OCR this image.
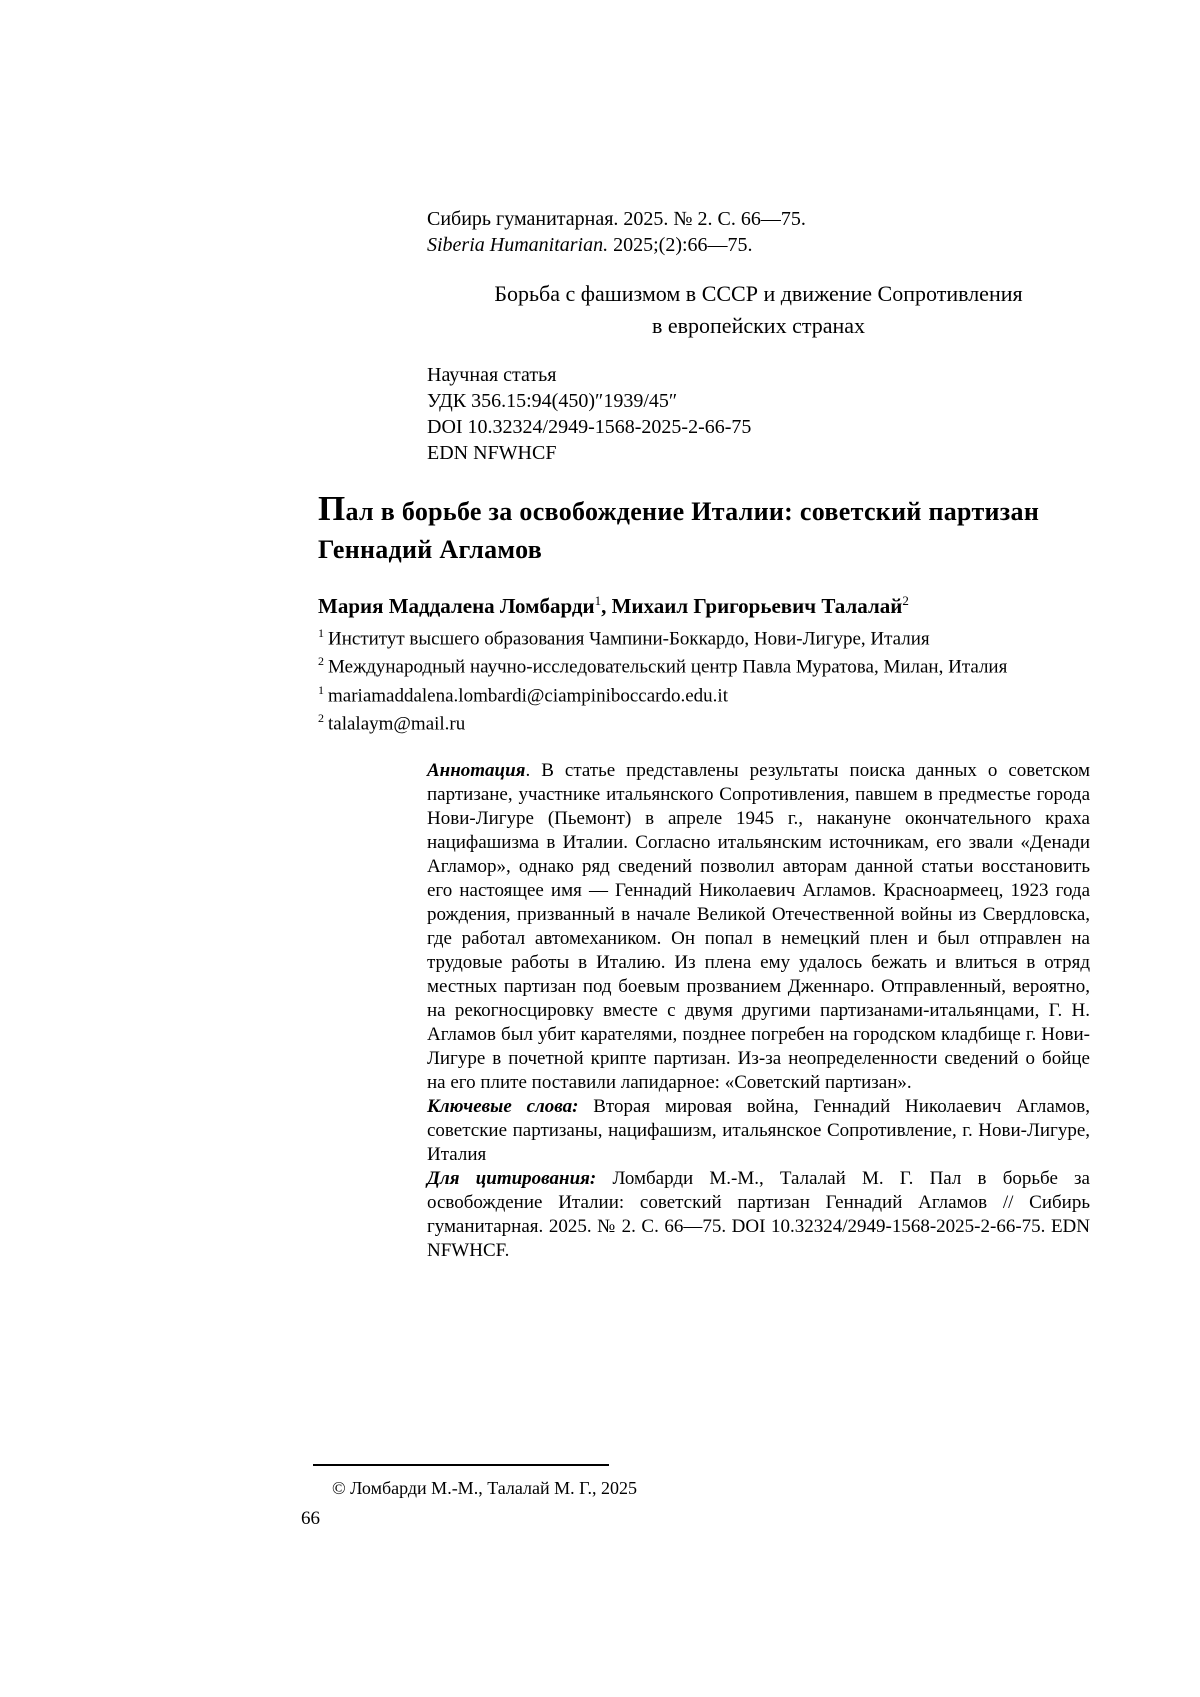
Сибирь гуманитарная. 2025. № 2. С. 66—75.
Siberia Humanitarian. 2025;(2):66—75.
Борьба с фашизмом в СССР и движение Сопротивления
в европейских странах
Научная статья
УДК 356.15:94(450)″1939/45″
DOI 10.32324/2949-1568-2025-2-66-75
EDN NFWHCF
Пал в борьбе за освобождение Италии: советский партизан Геннадий Агламов
Мария Маддалена Ломбарди$^1$, Михаил Григорьевич Талалай$^2$
$^1$ Институт высшего образования Чампини-Боккардо, Нови-Лигуре, Италия
$^2$ Международный научно-исследовательский центр Павла Муратова, Милан, Италия
$^1$ mariamaddalena.lombardi@ciampiniboccardo.edu.it
$^2$ talalaym@mail.ru

Аннотация. В статье представлены результаты поиска данных о советском партизане, участнике итальянского Сопротивления, павшем в предместье города Нови-Лигуре (Пьемонт) в апреле 1945 г., накануне окончательного краха нацифашизма в Италии. Согласно итальянским источникам, его звали «Денади Агламор», однако ряд сведений позволил авторам данной статьи восстановить его настоящее имя — Геннадий Николаевич Агламов. Красноармеец, 1923 года рождения, призванный в начале Великой Отечественной войны из Свердловска, где работал автомехаником. Он попал в немецкий плен и был отправлен на трудовые работы в Италию. Из плена ему удалось бежать и влиться в отряд местных партизан под боевым прозванием Дженнаро. Отправленный, вероятно, на рекогносцировку вместе с двумя другими партизанами-итальянцами, Г. Н. Агламов был убит карателями, позднее погребен на городском кладбище г. Нови-Лигуре в почетной крипте партизан. Из-за неопределенности сведений о бойце на его плите поставили лапидарное: «Советский партизан».

Ключевые слова: Вторая мировая война, Геннадий Николаевич Агламов, советские партизаны, нацифашизм, итальянское Сопротивление, г. Нови-Лигуре, Италия

Для цитирования: Ломбарди М.-М., Талалай М. Г. Пал в борьбе за освобождение Италии: советский партизан Геннадий Агламов // Сибирь гуманитарная. 2025. № 2. С. 66—75. DOI 10.32324/2949-1568-2025-2-66-75. EDN NFWHCF.

© Ломбарди М.-М., Талалай М. Г., 2025
66
